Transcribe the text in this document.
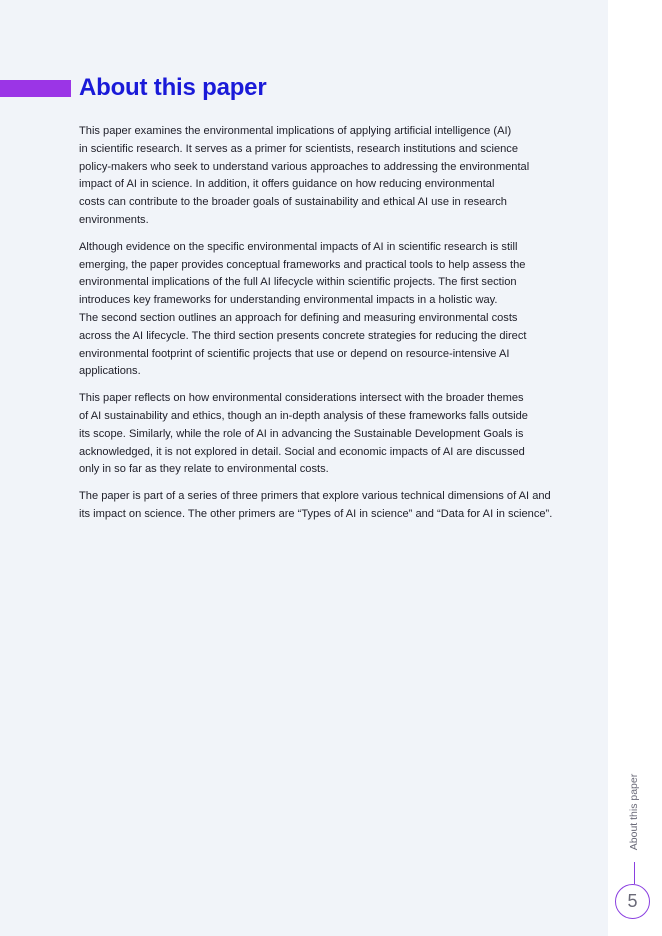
About this paper

This paper examines the environmental implications of applying artificial intelligence (AI)
in scientific research. It serves as a primer for scientists, research institutions and science
policy-makers who seek to understand various approaches to addressing the environmental
impact of AI in science. In addition, it offers guidance on how reducing environmental
costs can contribute to the broader goals of sustainability and ethical AI use in research
environments.

Although evidence on the specific environmental impacts of AI in scientific research is still
emerging, the paper provides conceptual frameworks and practical tools to help assess the
environmental implications of the full AI lifecycle within scientific projects. The first section
introduces key frameworks for understanding environmental impacts in a holistic way.
The second section outlines an approach for defining and measuring environmental costs
across the AI lifecycle. The third section presents concrete strategies for reducing the direct
environmental footprint of scientific projects that use or depend on resource-intensive AI
applications.

This paper reflects on how environmental considerations intersect with the broader themes
of AI sustainability and ethics, though an in-depth analysis of these frameworks falls outside
its scope. Similarly, while the role of AI in advancing the Sustainable Development Goals is
acknowledged, it is not explored in detail. Social and economic impacts of AI are discussed
only in so far as they relate to environmental costs.

The paper is part of a series of three primers that explore various technical dimensions of AI and
its impact on science. The other primers are “Types of AI in science” and “Data for AI in science”.

About this paper
5
